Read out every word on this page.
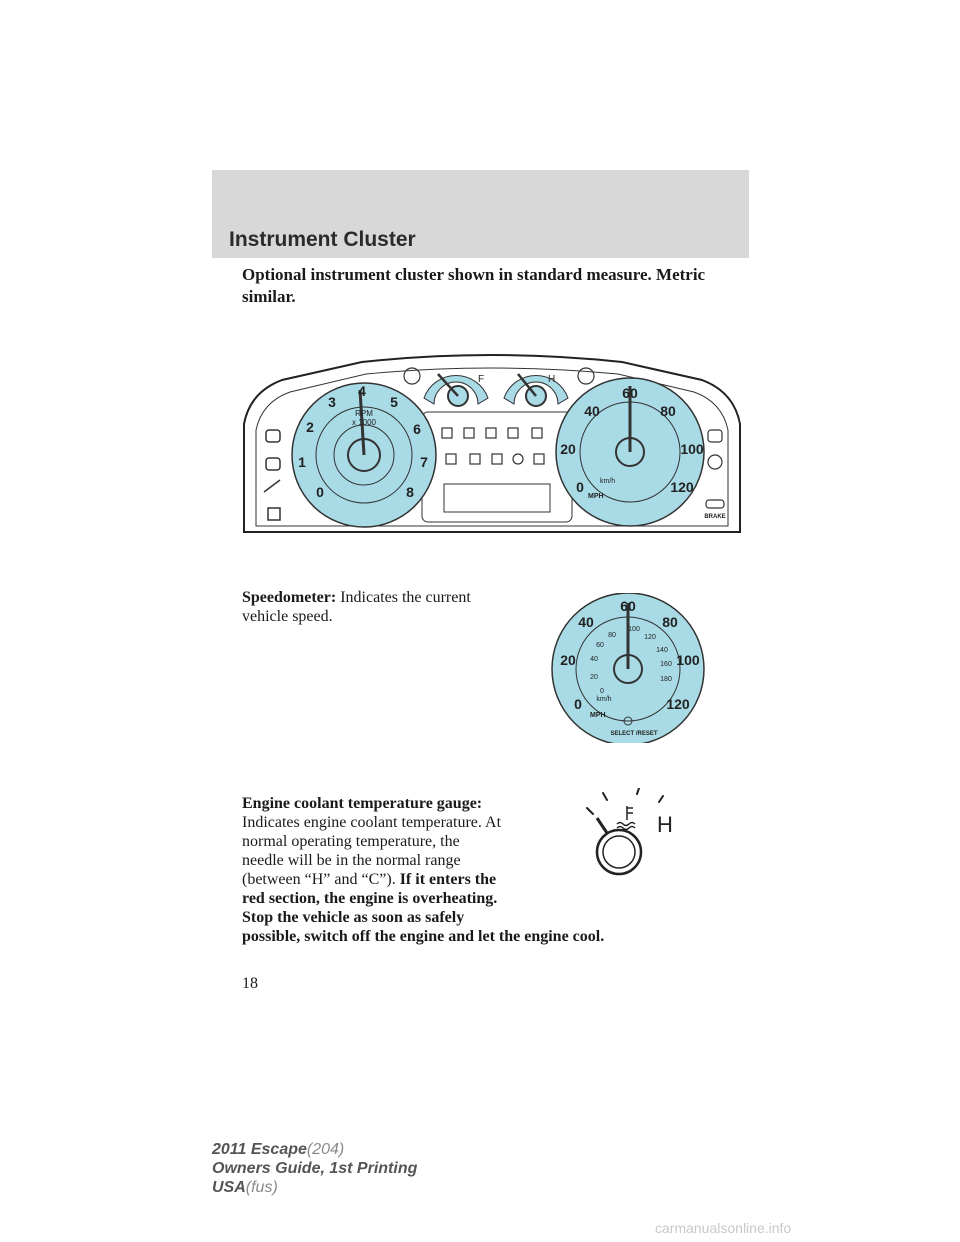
Instrument Cluster
Optional instrument cluster shown in standard measure. Metric similar.
0
1
2
3
4
5
6
7
8
RPM
x 1000
F	H
0
20
40
60
80
100
120
km/h
MPH
BRAKE
Speedometer: Indicates the current vehicle speed.
0
20
40
60
80
100
120
0
20
40
60
80
100
120
140
160
180
km/h
MPH
SELECT /RESET
Engine coolant temperature gauge: Indicates engine coolant temperature. At normal operating temperature, the needle will be in the normal range (between “H” and “C”). If it enters the red section, the engine is overheating. Stop the vehicle as soon as safely
possible, switch off the engine and let the engine cool.
H
18
2011 Escape(204)
Owners Guide, 1st Printing
USA(fus)
carmanualsonline.info
